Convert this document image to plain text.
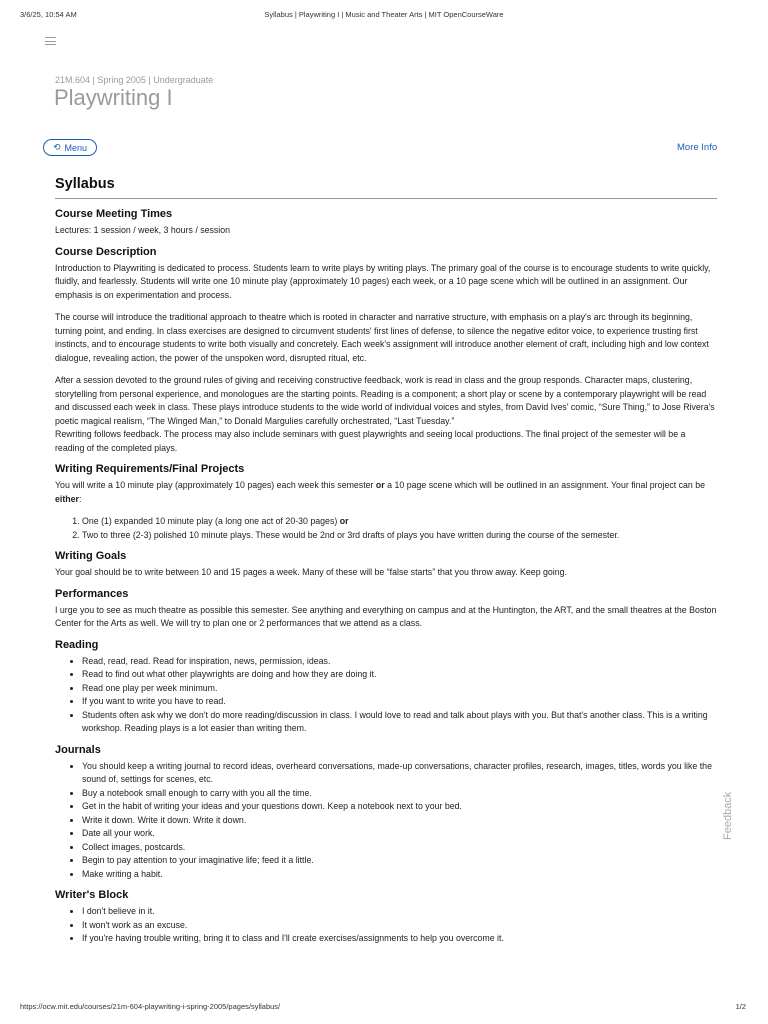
3/6/25, 10:54 AM	Syllabus | Playwriting I | Music and Theater Arts | MIT OpenCourseWare
21M.604 | Spring 2005 | Undergraduate
Playwriting I
⟲ Menu	More Info
Syllabus
Course Meeting Times

Lectures: 1 session / week, 3 hours / session

Course Description

Introduction to Playwriting is dedicated to process. Students learn to write plays by writing plays. The primary goal of the course is to encourage students to write quickly, fluidly, and fearlessly. Students will write one 10 minute play (approximately 10 pages) each week, or a 10 page scene which will be outlined in an assignment. Our emphasis is on experimentation and process.

The course will introduce the traditional approach to theatre which is rooted in character and narrative structure, with emphasis on a play's arc through its beginning, turning point, and ending. In class exercises are designed to circumvent students' first lines of defense, to silence the negative editor voice, to experience trusting first instincts, and to encourage students to write both visually and concretely. Each week's assignment will introduce another element of craft, including high and low context dialogue, revealing action, the power of the unspoken word, disrupted ritual, etc.

After a session devoted to the ground rules of giving and receiving constructive feedback, work is read in class and the group responds. Character maps, clustering, storytelling from personal experience, and monologues are the starting points. Reading is a component; a short play or scene by a contemporary playwright will be read and discussed each week in class. These plays introduce students to the wide world of individual voices and styles, from David Ives' comic, “Sure Thing,” to Jose Rivera's poetic magical realism, “The Winged Man,” to Donald Margulies carefully orchestrated, “Last Tuesday.”
Rewriting follows feedback. The process may also include seminars with guest playwrights and seeing local productions. The final project of the semester will be a reading of the completed plays.

Writing Requirements/Final Projects

You will write a 10 minute play (approximately 10 pages) each week this semester or a 10 page scene which will be outlined in an assignment. Your final project can be either:

1. One (1) expanded 10 minute play (a long one act of 20-30 pages) or
2. Two to three (2-3) polished 10 minute plays. These would be 2nd or 3rd drafts of plays you have written during the course of the semester.
Writing Goals

Your goal should be to write between 10 and 15 pages a week. Many of these will be “false starts” that you throw away. Keep going.

Performances

I urge you to see as much theatre as possible this semester. See anything and everything on campus and at the Huntington, the ART, and the small theatres at the Boston Center for the Arts as well. We will try to plan one or 2 performances that we attend as a class.

Reading
• Read, read, read. Read for inspiration, news, permission, ideas.
• Read to find out what other playwrights are doing and how they are doing it.
• Read one play per week minimum.
• If you want to write you have to read.
• Students often ask why we don't do more reading/discussion in class. I would love to read and talk about plays with you. But that's another class. This is a writing workshop. Reading plays is a lot easier than writing them.
Journals
• You should keep a writing journal to record ideas, overheard conversations, made-up conversations, character profiles, research, images, titles, words you like the sound of, settings for scenes, etc.
• Buy a notebook small enough to carry with you all the time.
• Get in the habit of writing your ideas and your questions down. Keep a notebook next to your bed.
• Write it down. Write it down. Write it down.
• Date all your work.
• Collect images, postcards.
• Begin to pay attention to your imaginative life; feed it a little.
• Make writing a habit.
Writer's Block
• I don't believe in it.
• It won't work as an excuse.
• If you're having trouble writing, bring it to class and I'll create exercises/assignments to help you overcome it.
Feedback
https://ocw.mit.edu/courses/21m-604-playwriting-i-spring-2005/pages/syllabus/	1/2
